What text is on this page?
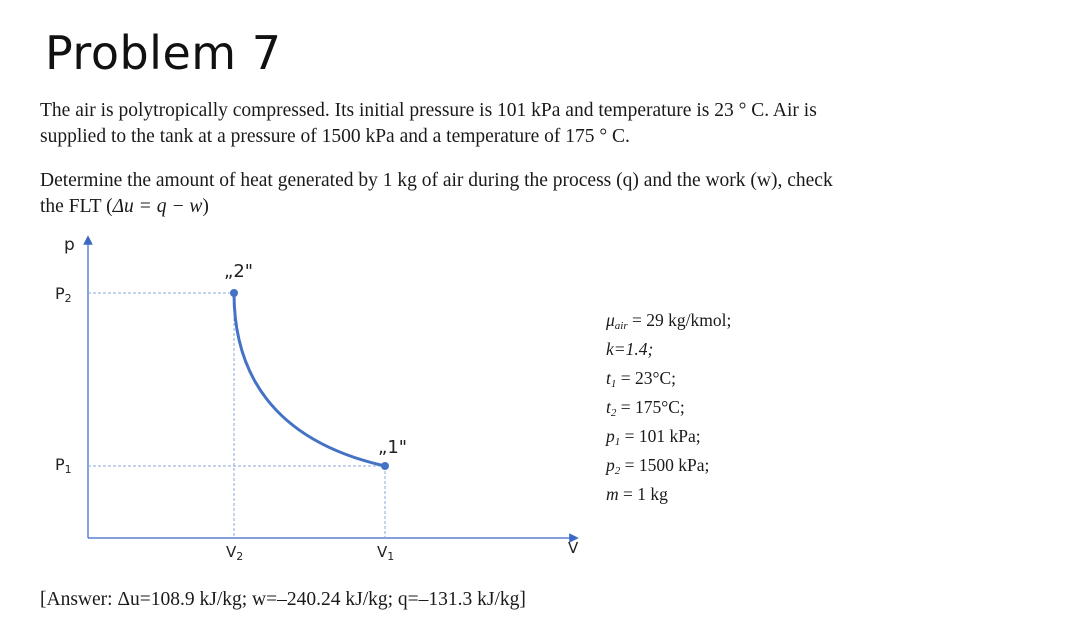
Problem 7
The air is polytropically compressed. Its initial pressure is 101 kPa and temperature is 23 ° C. Air is
supplied to the tank at a pressure of 1500 kPa and a temperature of 175 ° C.
Determine the amount of heat generated by 1 kg of air during the process (q) and the work (w), check
the FLT (Δu = q − w)
p
V
P2
P1
$V_2$	$V_1$
„2"
„1"
μair = 29 kg/kmol;
k=1.4;
t1 = 23°C;
t2 = 175°C;
p1 = 101 kPa;
p2 = 1500 kPa;
m = 1 kg
[Answer: Δu=108.9 kJ/kg; w=–240.24 kJ/kg; q=–131.3 kJ/kg]
